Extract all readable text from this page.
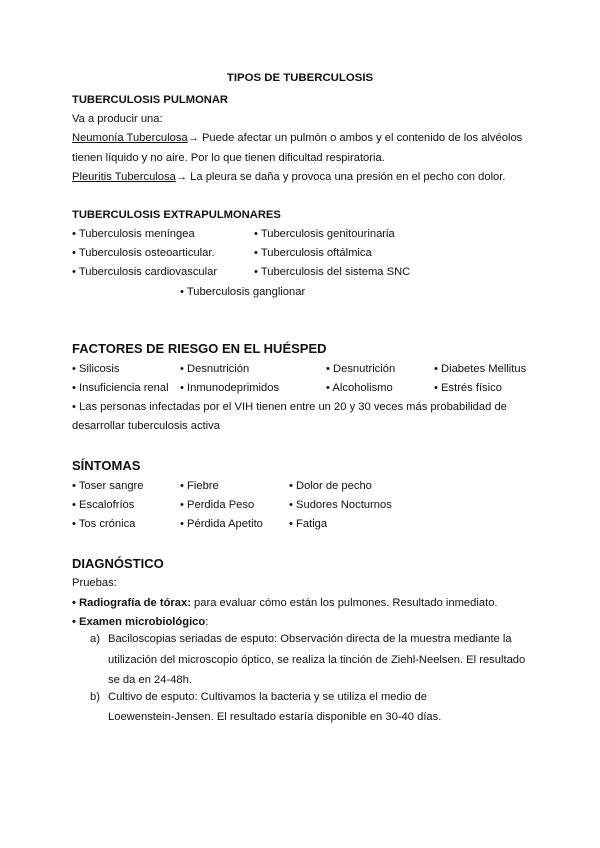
TIPOS DE TUBERCULOSIS
TUBERCULOSIS PULMONAR
Va a producir una:
Neumonía Tuberculosa→ Puede afectar un pulmón o ambos y el contenido de los alvéolos
tienen líquido y no aire. Por lo que tienen dificultad respiratoria.
Pleuritis Tuberculosa→ La pleura se daña y provoca una presión en el pecho con dolor.
TUBERCULOSIS EXTRAPULMONARES
• Tuberculosis meníngea	• Tuberculosis genitourinaria
• Tuberculosis osteoarticular.	• Tuberculosis oftálmica
• Tuberculosis cardiovascular	• Tuberculosis del sistema SNC
• Tuberculosis ganglionar
FACTORES DE RIESGO EN EL HUÉSPED
• Silicosis	• Desnutrición	• Desnutrición	• Diabetes Mellitus
• Insuficiencia renal • Inmunodeprimidos	• Alcoholismo	• Estrés físico
• Las personas infectadas por el VIH tienen entre un 20 y 30 veces más probabilidad de
desarrollar tuberculosis activa
SÍNTOMAS
• Toser sangre	• Fiebre	• Dolor de pecho
• Escalofríos	• Perdida Peso	• Sudores Nocturnos
• Tos crónica	• Pérdida Apetito • Fatiga
DIAGNÓSTICO
Pruebas:
• Radiografía de tórax: para evaluar cómo están los pulmones. Resultado inmediato.
• Examen microbiológico:
a) Baciloscopias seriadas de esputo: Observación directa de la muestra mediante la
utilización del microscopio óptico, se realiza la tinción de Ziehl-Neelsen. El resultado
se da en 24-48h.
b) Cultivo de esputo: Cultivamos la bacteria y se utiliza el medio de
Loewenstein-Jensen. El resultado estaría disponible en 30-40 días.
